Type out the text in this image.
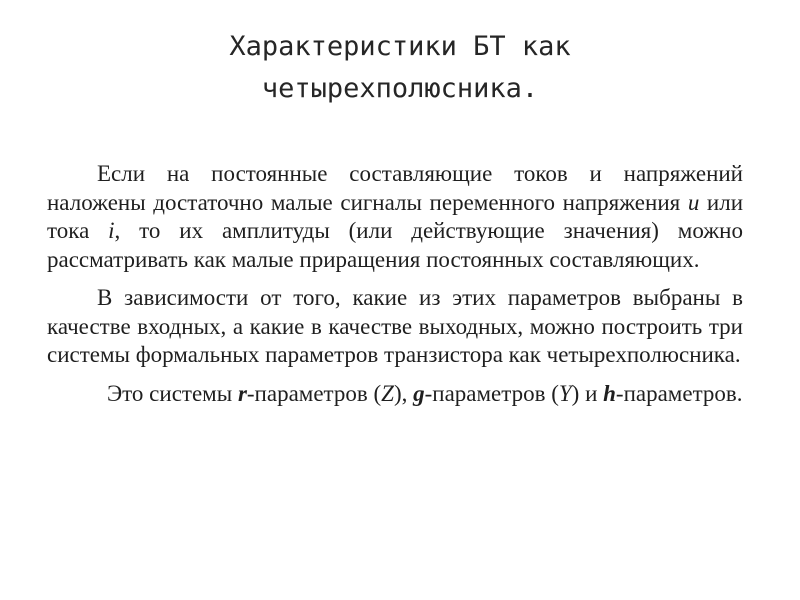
Характеристики БТ как
четырехполюсника.

Если на постоянные составляющие токов и напряжений наложены достаточно малые сигналы переменного напряжения u или тока i, то их амплитуды (или действующие значения) можно рассматривать как малые приращения постоянных составляющих.

В зависимости от того, какие из этих параметров выбраны в качестве входных, а какие в качестве выходных, можно построить три системы формальных параметров транзистора как четырехполюсника.

Это системы r-параметров (Z), g-параметров (Y) и h-параметров.
